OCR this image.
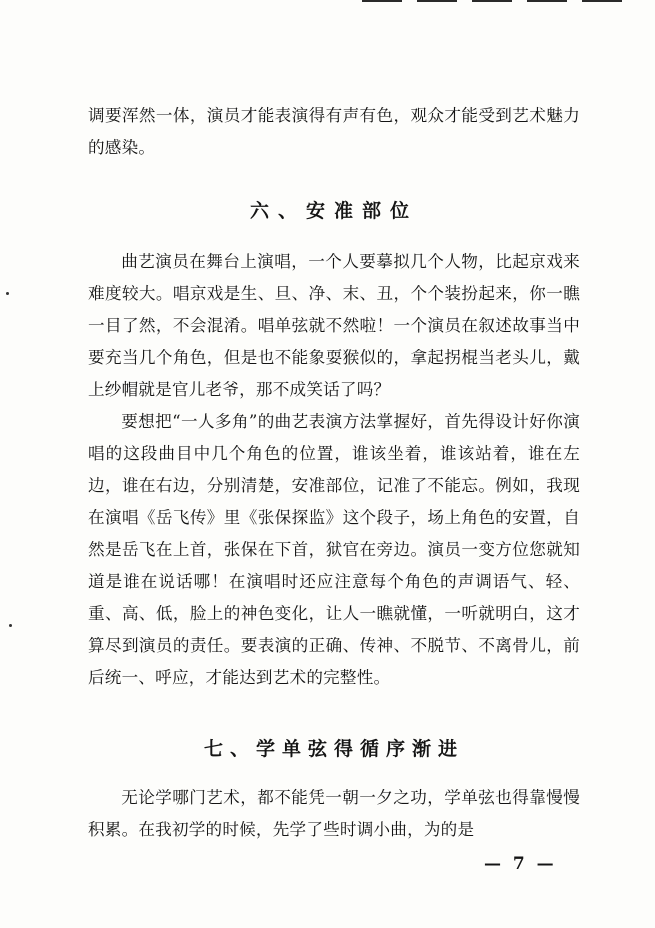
调要浑然一体，演员才能表演得有声有色，观众才能受到艺术魅力的感染。

六、安准部位

曲艺演员在舞台上演唱，一个人要摹拟几个人物，比起京戏来难度较大。唱京戏是生、旦、净、末、丑，个个装扮起来，你一瞧一目了然，不会混淆。唱单弦就不然啦！一个演员在叙述故事当中要充当几个角色，但是也不能象耍猴似的，拿起拐棍当老头儿，戴上纱帽就是官儿老爷，那不成笑话了吗？

要想把“一人多角”的曲艺表演方法掌握好，首先得设计好你演唱的这段曲目中几个角色的位置，谁该坐着，谁该站着，谁在左边，谁在右边，分别清楚，安准部位，记准了不能忘。例如，我现在演唱《岳飞传》里《张保探监》这个段子，场上角色的安置，自然是岳飞在上首，张保在下首，狱官在旁边。演员一变方位您就知道是谁在说话哪！在演唱时还应注意每个角色的声调语气、轻、重、高、低，脸上的神色变化，让人一瞧就懂，一听就明白，这才算尽到演员的责任。要表演的正确、传神、不脱节、不离骨儿，前后统一、呼应，才能达到艺术的完整性。

七、学单弦得循序渐进

无论学哪门艺术，都不能凭一朝一夕之功，学单弦也得靠慢慢积累。在我初学的时候，先学了些时调小曲，为的是

— 7 —
